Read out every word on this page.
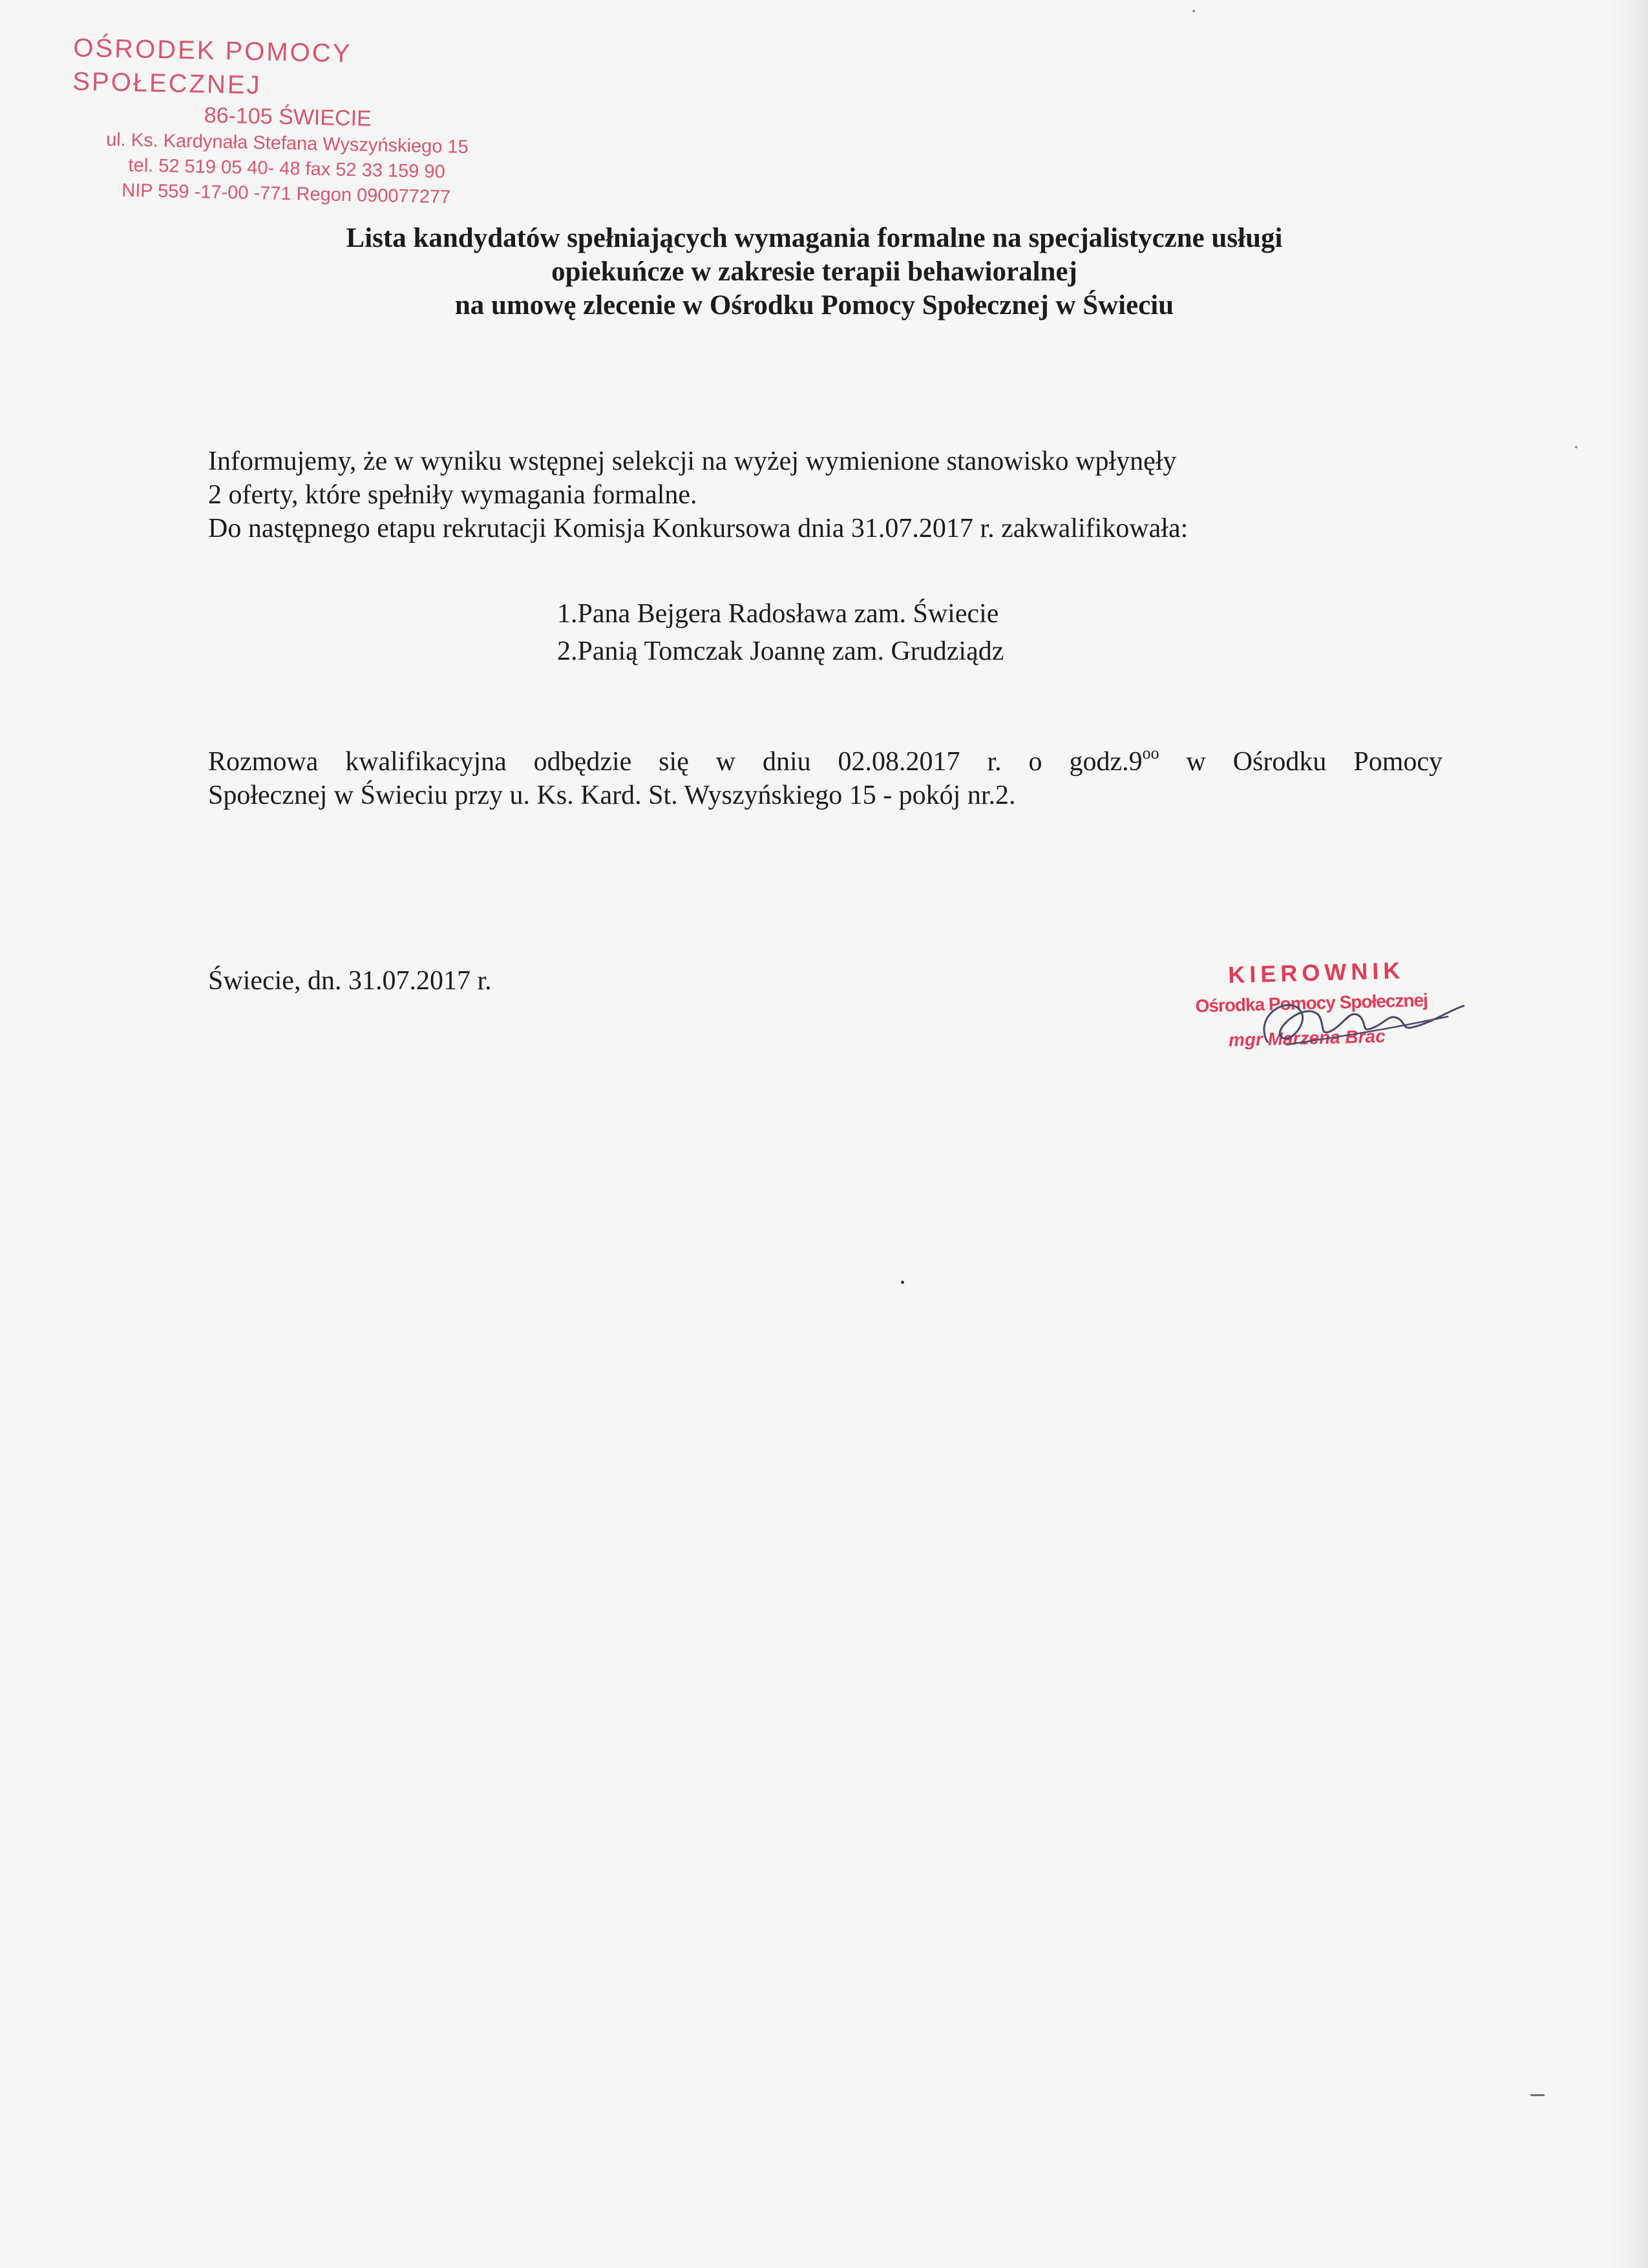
OŚRODEK POMOCY SPOŁECZNEJ
86-105 ŚWIECIE
ul. Ks. Kardynała Stefana Wyszyńskiego 15
tel. 52 519 05 40- 48 fax 52 33 159 90
NIP 559 -17-00 -771 Regon 090077277
Lista kandydatów spełniających wymagania formalne na specjalistyczne usługi
opiekuńcze w zakresie terapii behawioralnej
na umowę zlecenie w Ośrodku Pomocy Społecznej w Świeciu
Informujemy, że w wyniku wstępnej selekcji na wyżej wymienione stanowisko wpłynęły
2 oferty, które spełniły wymagania formalne.
Do następnego etapu rekrutacji Komisja Konkursowa dnia 31.07.2017 r. zakwalifikowała:
1.Pana Bejgera Radosława zam. Świecie
2.Panią Tomczak Joannę zam. Grudziądz
Rozmowa kwalifikacyjna odbędzie się w dniu 02.08.2017 r. o $godz.9^{oo}$ w Ośrodku Pomocy
Społecznej w Świeciu przy u. Ks. Kard. St. Wyszyńskiego 15 - pokój nr.2.
Świecie, dn. 31.07.2017 r.	KIEROWNIK
Ośrodka Pomocy Społecznej
mgr Marzena Brac
